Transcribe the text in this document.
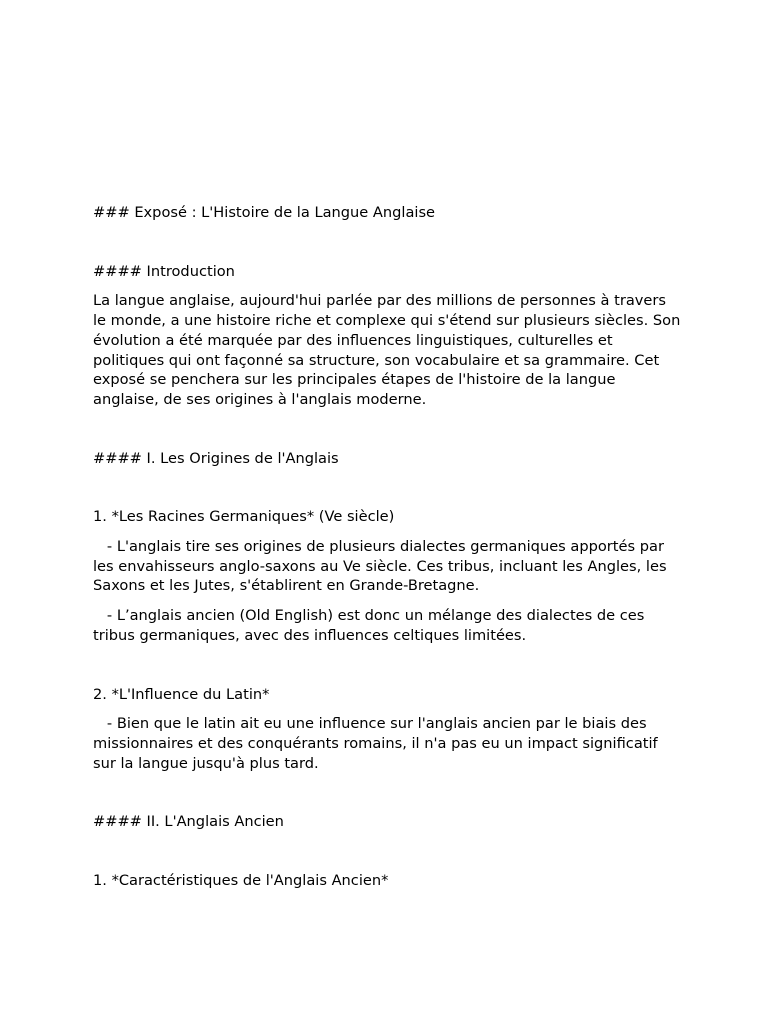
### Exposé : L'Histoire de la Langue Anglaise

#### Introduction

La langue anglaise, aujourd'hui parlée par des millions de personnes à travers le monde, a une histoire riche et complexe qui s'étend sur plusieurs siècles. Son évolution a été marquée par des influences linguistiques, culturelles et politiques qui ont façonné sa structure, son vocabulaire et sa grammaire. Cet exposé se penchera sur les principales étapes de l'histoire de la langue anglaise, de ses origines à l'anglais moderne.

#### I. Les Origines de l'Anglais

1. *Les Racines Germaniques* (Ve siècle)

- L'anglais tire ses origines de plusieurs dialectes germaniques apportés par les envahisseurs anglo-saxons au Ve siècle. Ces tribus, incluant les Angles, les Saxons et les Jutes, s'établirent en Grande-Bretagne.

- L’anglais ancien (Old English) est donc un mélange des dialectes de ces tribus germaniques, avec des influences celtiques limitées.

2. *L'Influence du Latin*

- Bien que le latin ait eu une influence sur l'anglais ancien par le biais des missionnaires et des conquérants romains, il n'a pas eu un impact significatif sur la langue jusqu'à plus tard.

#### II. L'Anglais Ancien

1. *Caractéristiques de l'Anglais Ancien*
